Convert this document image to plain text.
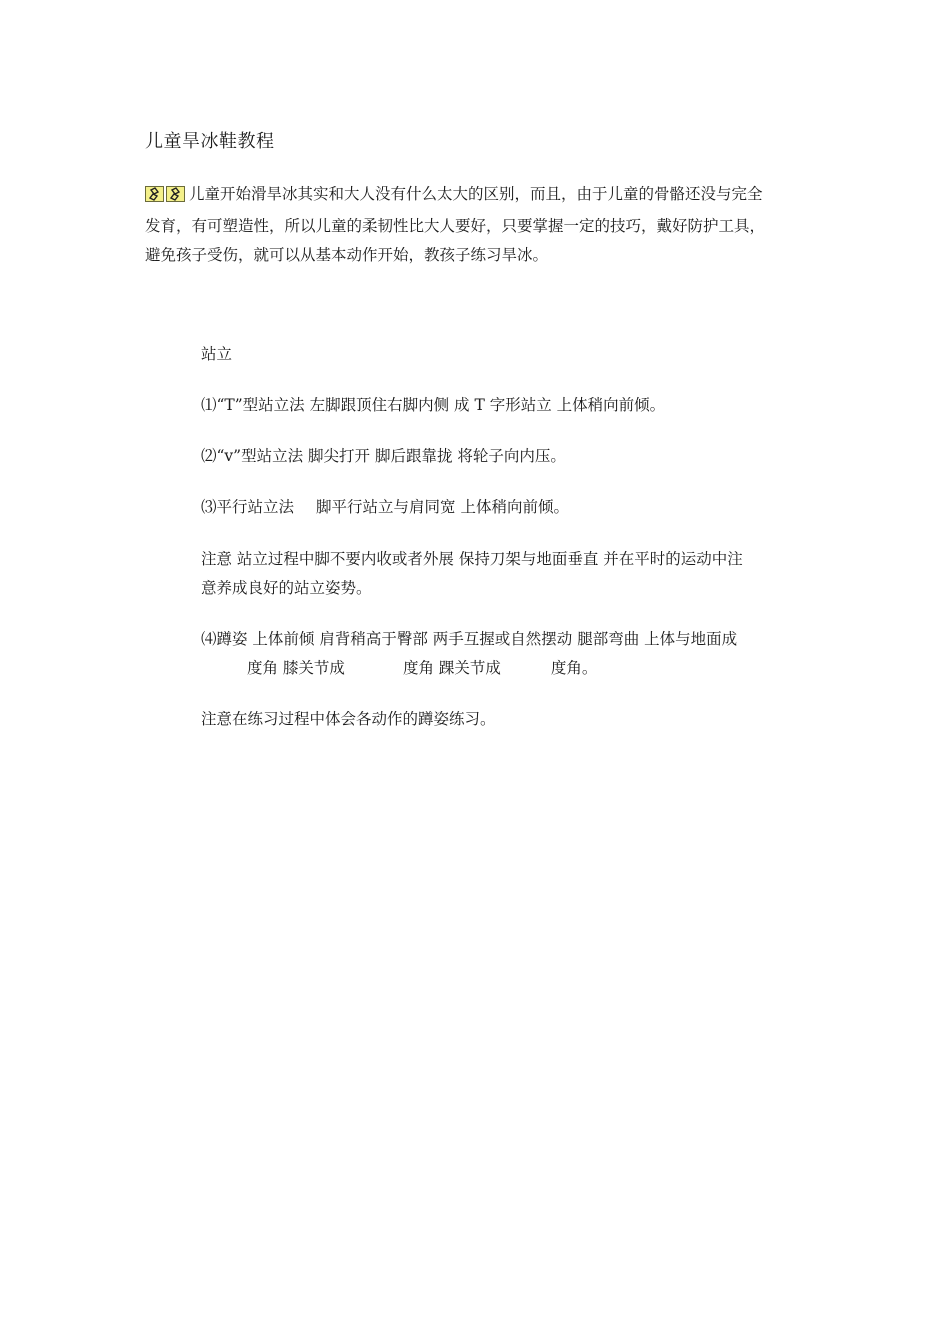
儿童旱冰鞋教程
儿童开始滑旱冰其实和大人没有什么太大的区别，而且，由于儿童的骨骼还没与完全
发育，有可塑造性，所以儿童的柔韧性比大人要好，只要掌握一定的技巧，戴好防护工具，
避免孩子受伤，就可以从基本动作开始，教孩子练习旱冰。
站立
⑴“T”型站立法 左脚跟顶住右脚内侧 成 T 字形站立 上体稍向前倾。
⑵“v”型站立法 脚尖打开 脚后跟靠拢 将轮子向内压。
⑶平行站立法 脚平行站立与肩同宽 上体稍向前倾。
注意 站立过程中脚不要内收或者外展 保持刀架与地面垂直 并在平时的运动中注
意养成良好的站立姿势。
⑷蹲姿 上体前倾 肩背稍高于臀部 两手互握或自然摆动 腿部弯曲 上体与地面成
度角 膝关节成	度角 踝关节成	度角。
注意在练习过程中体会各动作的蹲姿练习。
